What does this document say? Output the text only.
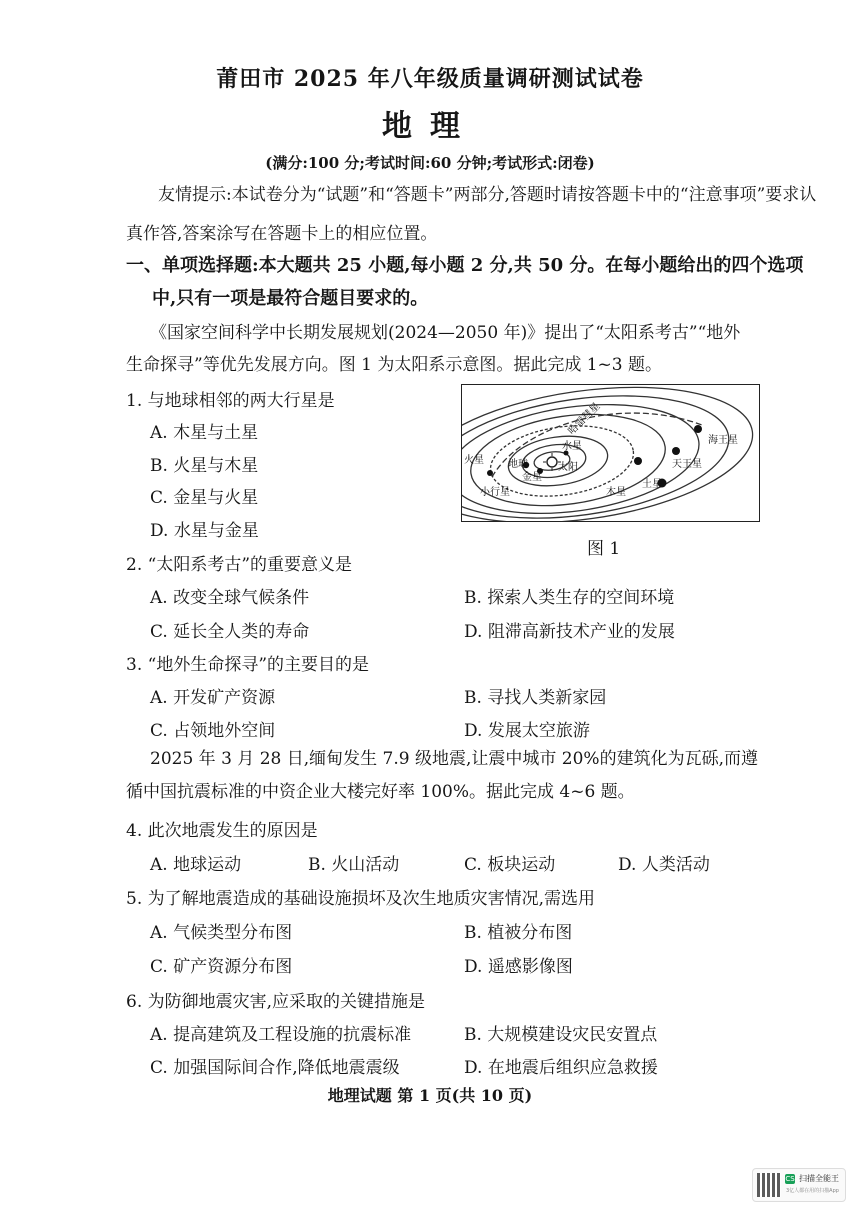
莆田市 2025 年八年级质量调研测试试卷
地理
(满分:100 分;考试时间:60 分钟;考试形式:闭卷)
友情提示:本试卷分为“试题”和“答题卡”两部分,答题时请按答题卡中的“注意事项”要求认
真作答,答案涂写在答题卡上的相应位置。
一、单项选择题:本大题共 25 小题,每小题 2 分,共 50 分。在每小题给出的四个选项
中,只有一项是最符合题目要求的。
《国家空间科学中长期发展规划(2024—2050 年)》提出了“太阳系考古”“地外
生命探寻”等优先发展方向。图 1 为太阳系示意图。据此完成 1~3 题。
1. 与地球相邻的两大行星是
A. 木星与土星
B. 火星与木星
C. 金星与火星
D. 水星与金星
水星
太阳
金星
地球
火星
小行星	木星
土星
天王星
海王星
哈雷彗星
图 1
2. “太阳系考古”的重要意义是
A. 改变全球气候条件	B. 探索人类生存的空间环境
C. 延长全人类的寿命	D. 阻滞高新技术产业的发展
3. “地外生命探寻”的主要目的是
A. 开发矿产资源	B. 寻找人类新家园
C. 占领地外空间	D. 发展太空旅游
2025 年 3 月 28 日,缅甸发生 7.9 级地震,让震中城市 20%的建筑化为瓦砾,而遵
循中国抗震标准的中资企业大楼完好率 100%。据此完成 4~6 题。
4. 此次地震发生的原因是
A. 地球运动	B. 火山活动	C. 板块运动	D. 人类活动
5. 为了解地震造成的基础设施损坏及次生地质灾害情况,需选用
A. 气候类型分布图	B. 植被分布图
C. 矿产资源分布图	D. 遥感影像图
6. 为防御地震灾害,应采取的关键措施是
A. 提高建筑及工程设施的抗震标准	B. 大规模建设灾民安置点
C. 加强国际间合作,降低地震震级	D. 在地震后组织应急救援
地理试题 第 1 页(共 10 页)
CS 扫描全能王
3亿人都在用的扫描App
